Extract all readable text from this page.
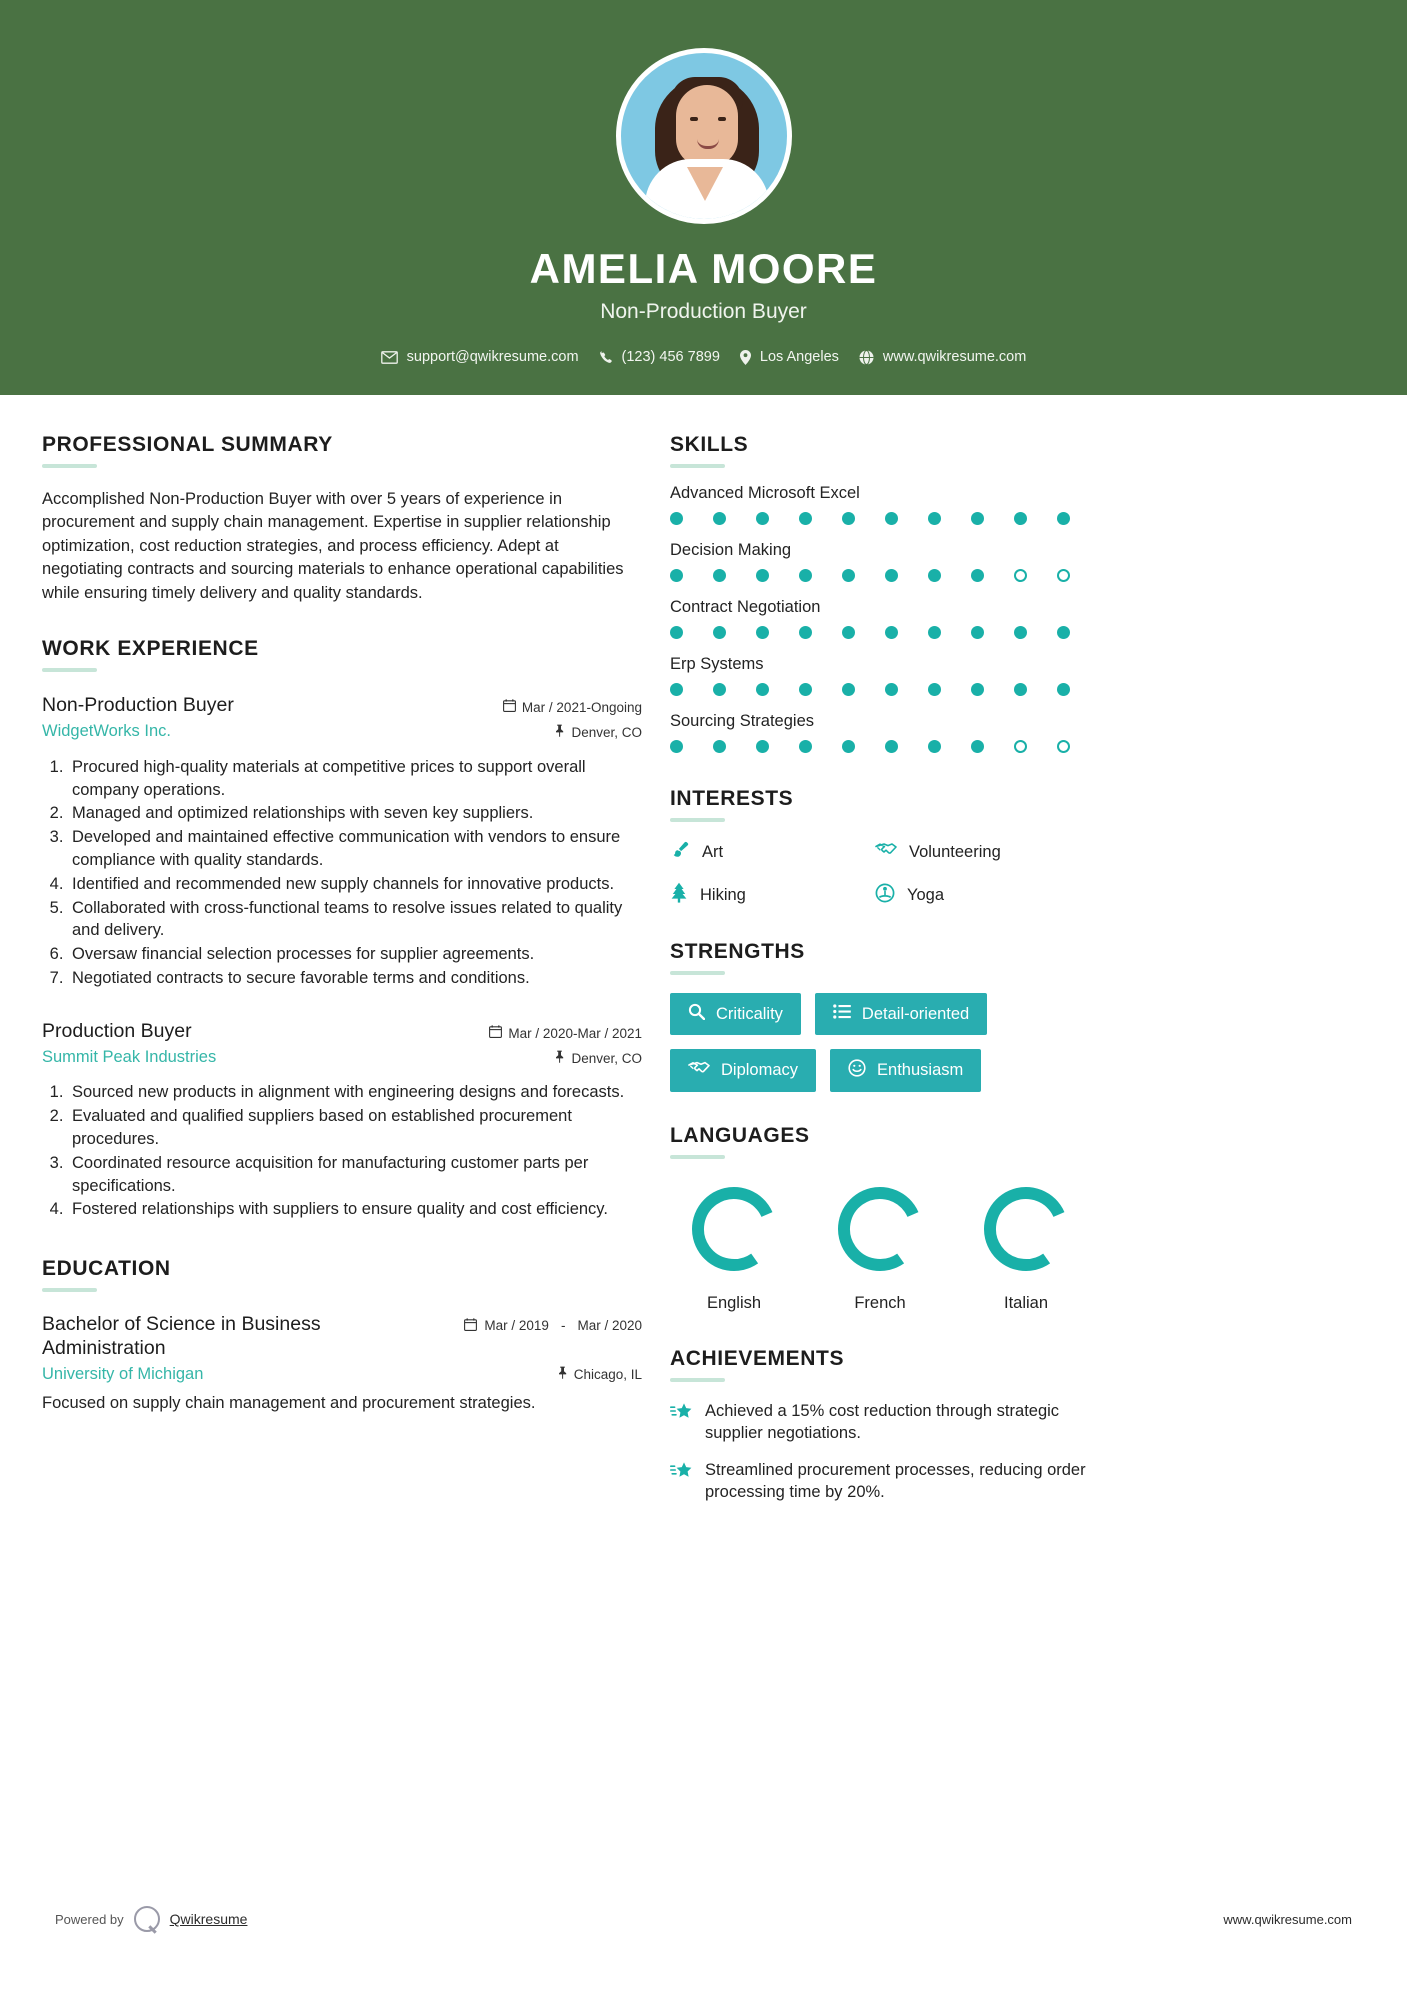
AMELIA MOORE
Non-Production Buyer
support@qwikresume.com	(123) 456 7899	Los Angeles	www.qwikresume.com
PROFESSIONAL SUMMARY
Accomplished Non-Production Buyer with over 5 years of experience in procurement and supply chain management. Expertise in supplier relationship optimization, cost reduction strategies, and process efficiency. Adept at negotiating contracts and sourcing materials to enhance operational capabilities while ensuring timely delivery and quality standards.
WORK EXPERIENCE
Non-Production Buyer	Mar / 2021-Ongoing
WidgetWorks Inc.	Denver, CO
1. Procured high-quality materials at competitive prices to support overall company operations.
2. Managed and optimized relationships with seven key suppliers.
3. Developed and maintained effective communication with vendors to ensure compliance with quality standards.
4. Identified and recommended new supply channels for innovative products.
5. Collaborated with cross-functional teams to resolve issues related to quality and delivery.
6. Oversaw financial selection processes for supplier agreements.
7. Negotiated contracts to secure favorable terms and conditions.
Production Buyer	Mar / 2020-Mar / 2021
Summit Peak Industries	Denver, CO
1. Sourced new products in alignment with engineering designs and forecasts.
2. Evaluated and qualified suppliers based on established procurement procedures.
3. Coordinated resource acquisition for manufacturing customer parts per specifications.
4. Fostered relationships with suppliers to ensure quality and cost efficiency.
EDUCATION
Bachelor of Science in Business Administration
Mar / 2019 - Mar / 2020
University of Michigan	Chicago, IL
Focused on supply chain management and procurement strategies.
SKILLS
Advanced Microsoft Excel
Decision Making
Contract Negotiation
Erp Systems
Sourcing Strategies
INTERESTS
Art	Volunteering
Hiking	Yoga
STRENGTHS
Criticality	Detail-oriented
Diplomacy	Enthusiasm
LANGUAGES
English	French	Italian
ACHIEVEMENTS
Achieved a 15% cost reduction through strategic supplier negotiations.
Streamlined procurement processes, reducing order processing time by 20%.
Powered by	Qwikresume	www.qwikresume.com
